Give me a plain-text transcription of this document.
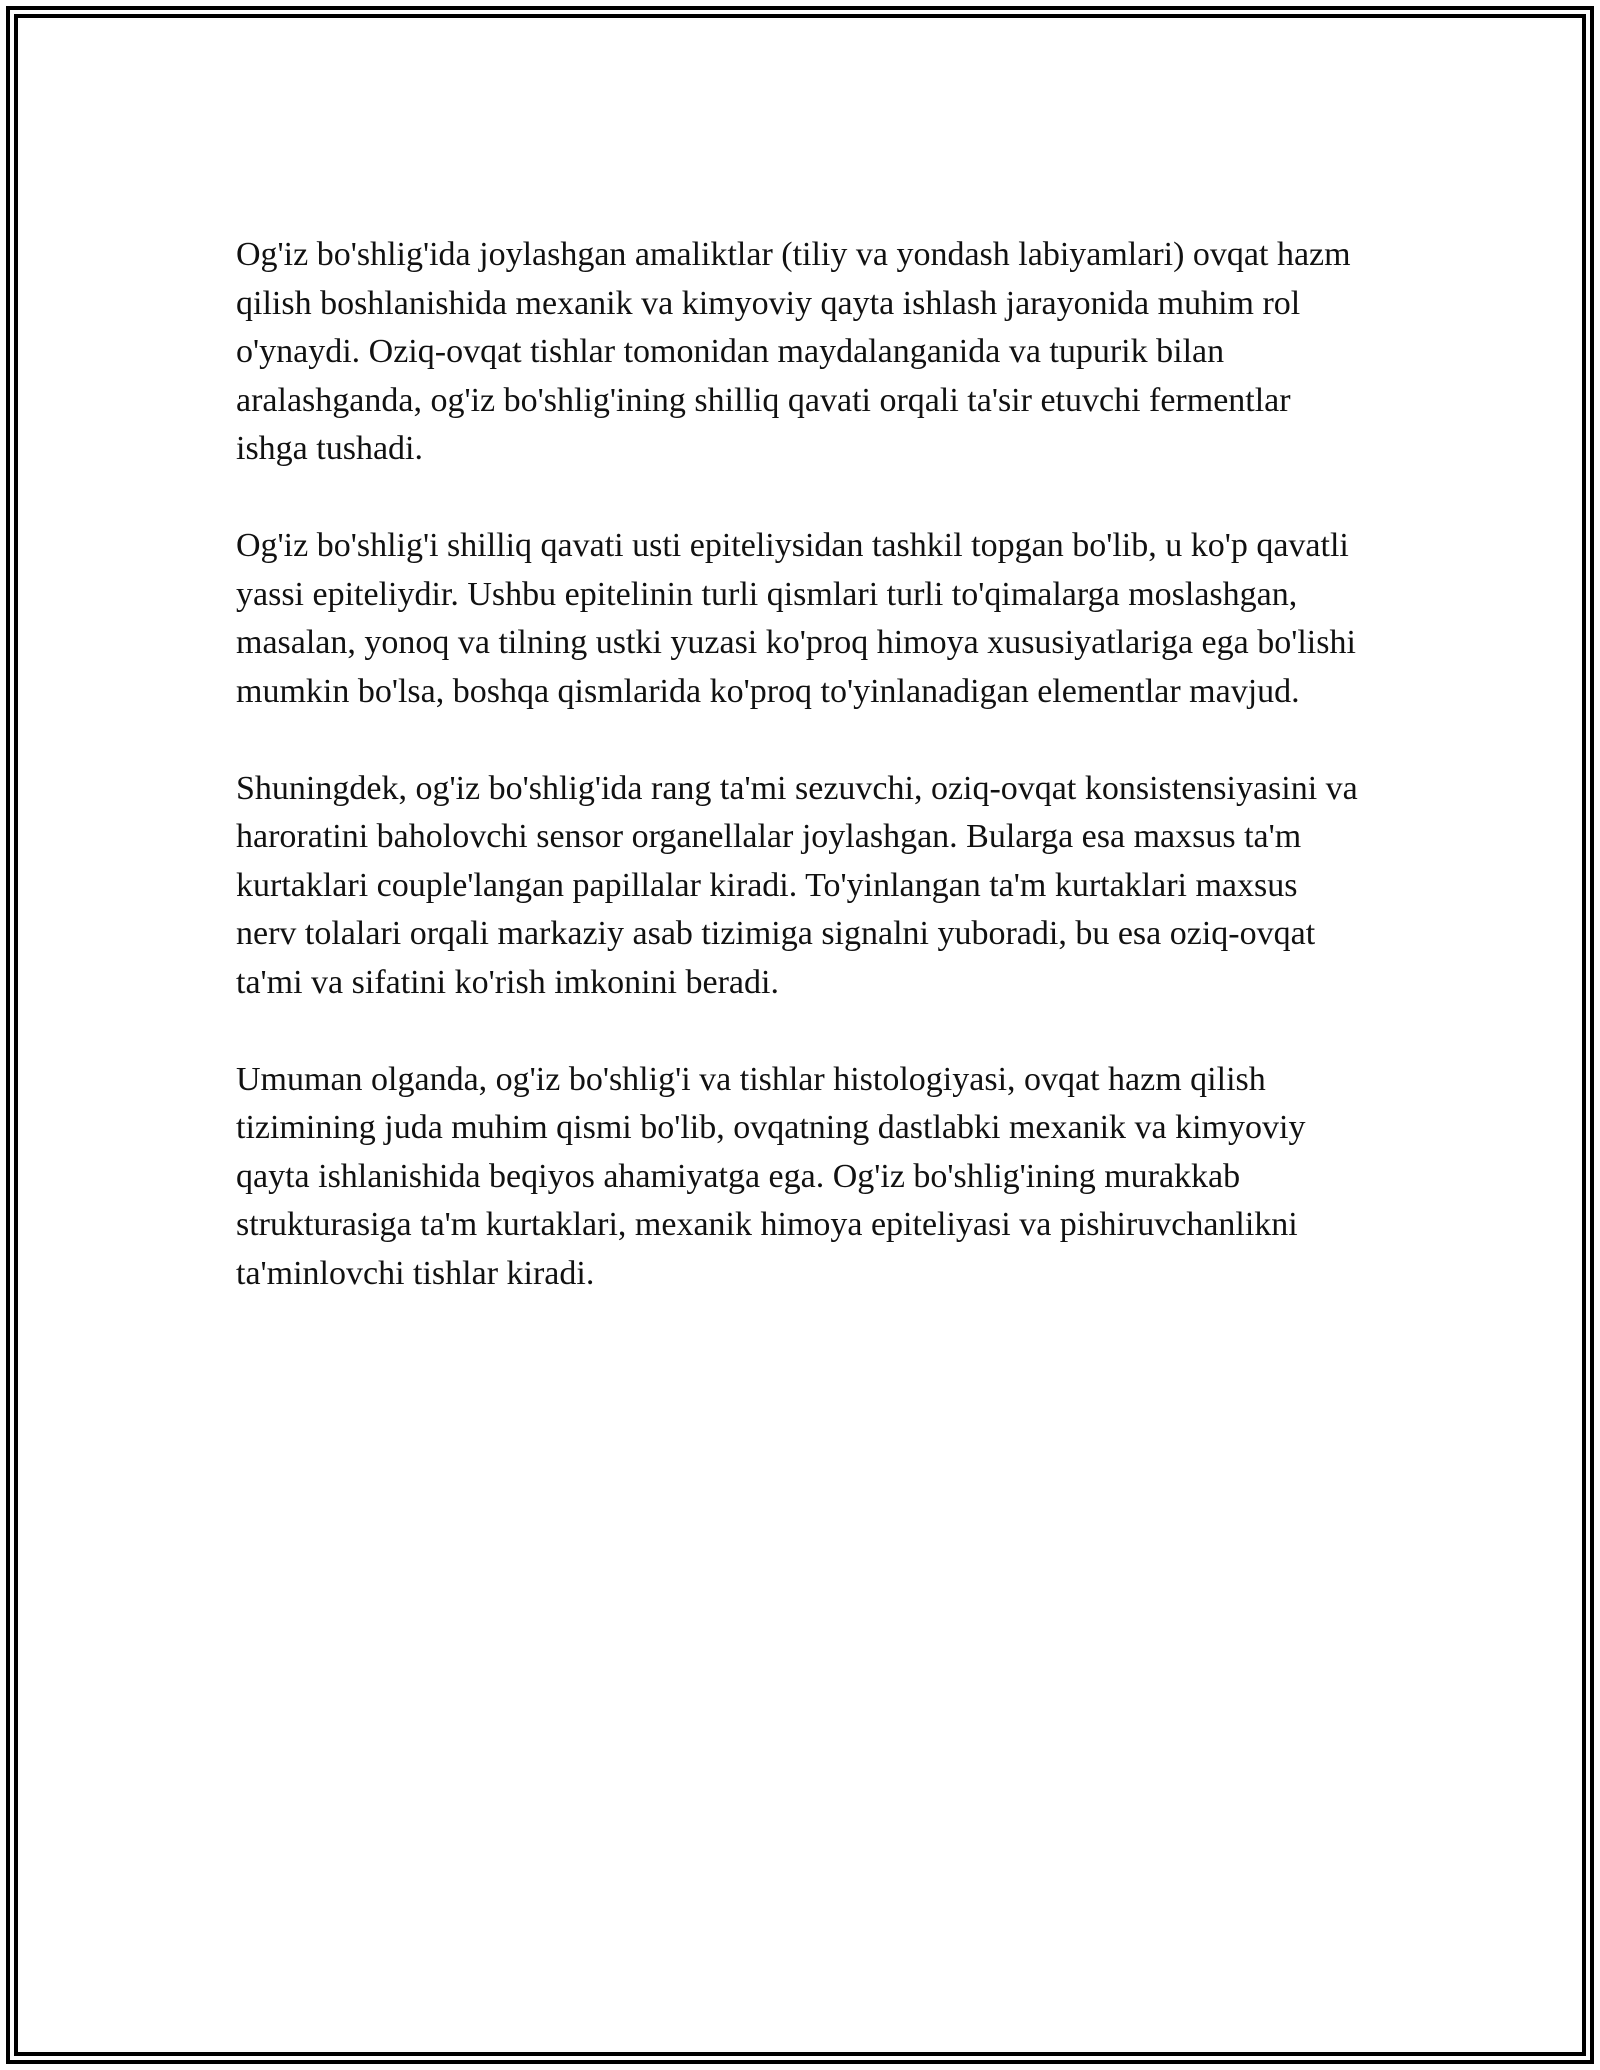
Og'iz bo'shlig'ida joylashgan amaliktlar (tiliy va yondash labiyamlari) ovqat hazm qilish boshlanishida mexanik va kimyoviy qayta ishlash jarayonida muhim rol o'ynaydi. Oziq-ovqat tishlar tomonidan maydalanganida va tupurik bilan aralashganda, og'iz bo'shlig'ining shilliq qavati orqali ta'sir etuvchi fermentlar ishga tushadi.

Og'iz bo'shlig'i shilliq qavati usti epiteliysidan tashkil topgan bo'lib, u ko'p qavatli yassi epiteliydir. Ushbu epitelinin turli qismlari turli to'qimalarga moslashgan, masalan, yonoq va tilning ustki yuzasi ko'proq himoya xususiyatlariga ega bo'lishi mumkin bo'lsa, boshqa qismlarida ko'proq to'yinlanadigan elementlar mavjud.

Shuningdek, og'iz bo'shlig'ida rang ta'mi sezuvchi, oziq-ovqat konsistensiyasini va haroratini baholovchi sensor organellalar joylashgan. Bularga esa maxsus ta'm kurtaklari couple'langan papillalar kiradi. To'yinlangan ta'm kurtaklari maxsus nerv tolalari orqali markaziy asab tizimiga signalni yuboradi, bu esa oziq-ovqat ta'mi va sifatini ko'rish imkonini beradi.

Umuman olganda, og'iz bo'shlig'i va tishlar histologiyasi, ovqat hazm qilish tizimining juda muhim qismi bo'lib, ovqatning dastlabki mexanik va kimyoviy qayta ishlanishida beqiyos ahamiyatga ega. Og'iz bo'shlig'ining murakkab strukturasiga ta'm kurtaklari, mexanik himoya epiteliyasi va pishiruvchanlikni ta'minlovchi tishlar kiradi.
